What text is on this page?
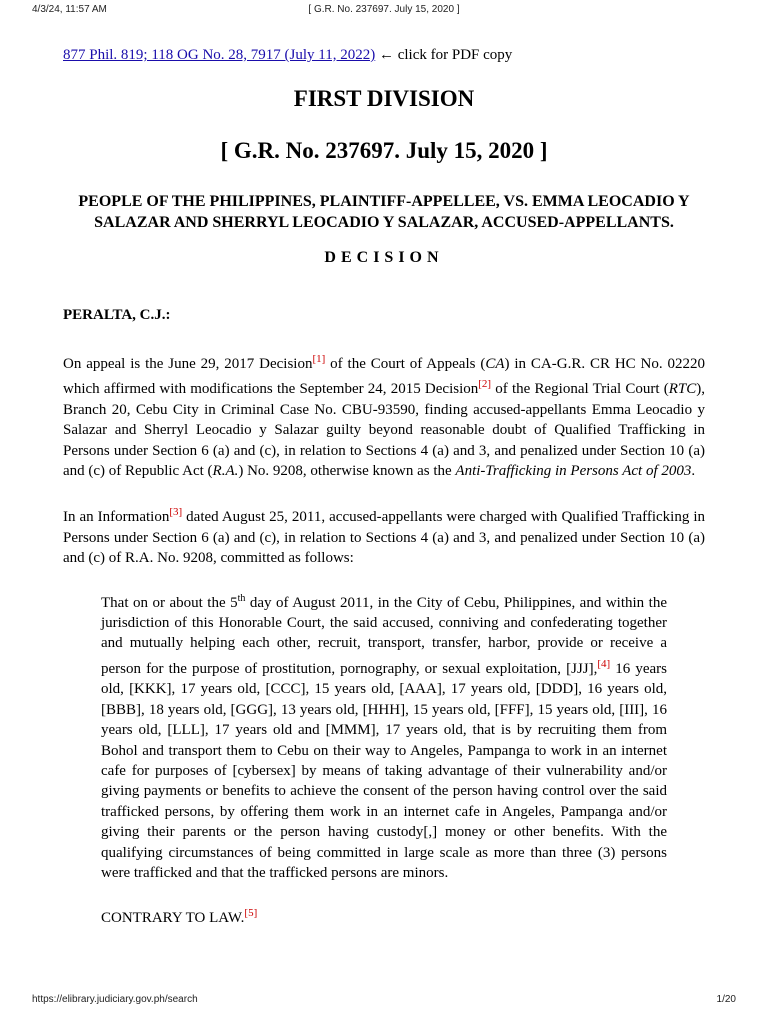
4/3/24, 11:57 AM	[ G.R. No. 237697. July 15, 2020 ]
877 Phil. 819; 118 OG No. 28, 7917 (July 11, 2022) ← click for PDF copy
FIRST DIVISION
[ G.R. No. 237697. July 15, 2020 ]
PEOPLE OF THE PHILIPPINES, PLAINTIFF-APPELLEE, VS. EMMA LEOCADIO Y SALAZAR AND SHERRYL LEOCADIO Y SALAZAR, ACCUSED-APPELLANTS.
DECISION
PERALTA, C.J.:

On appeal is the June 29, 2017 Decision[1] of the Court of Appeals (CA) in CA-G.R. CR HC No. 02220 which affirmed with modifications the September 24, 2015 Decision[2] of the Regional Trial Court (RTC), Branch 20, Cebu City in Criminal Case No. CBU-93590, finding accused-appellants Emma Leocadio y Salazar and Sherryl Leocadio y Salazar guilty beyond reasonable doubt of Qualified Trafficking in Persons under Section 6 (a) and (c), in relation to Sections 4 (a) and 3, and penalized under Section 10 (a) and (c) of Republic Act (R.A.) No. 9208, otherwise known as the Anti-Trafficking in Persons Act of 2003.

In an Information[3] dated August 25, 2011, accused-appellants were charged with Qualified Trafficking in Persons under Section 6 (a) and (c), in relation to Sections 4 (a) and 3, and penalized under Section 10 (a) and (c) of R.A. No. 9208, committed as follows:

That on or about the 5th day of August 2011, in the City of Cebu, Philippines, and within the jurisdiction of this Honorable Court, the said accused, conniving and confederating together and mutually helping each other, recruit, transport, transfer, harbor, provide or receive a person for the purpose of prostitution, pornography, or sexual exploitation, [JJJ],[4] 16 years old, [KKK], 17 years old, [CCC], 15 years old, [AAA], 17 years old, [DDD], 16 years old, [BBB], 18 years old, [GGG], 13 years old, [HHH], 15 years old, [FFF], 15 years old, [III], 16 years old, [LLL], 17 years old and [MMM], 17 years old, that is by recruiting them from Bohol and transport them to Cebu on their way to Angeles, Pampanga to work in an internet cafe for purposes of [cybersex] by means of taking advantage of their vulnerability and/or giving payments or benefits to achieve the consent of the person having control over the said trafficked persons, by offering them work in an internet cafe in Angeles, Pampanga and/or giving their parents or the person having custody[,] money or other benefits. With the qualifying circumstances of being committed in large scale as more than three (3) persons were trafficked and that the trafficked persons are minors.

CONTRARY TO LAW.[5]

https://elibrary.judiciary.gov.ph/search	1/20
